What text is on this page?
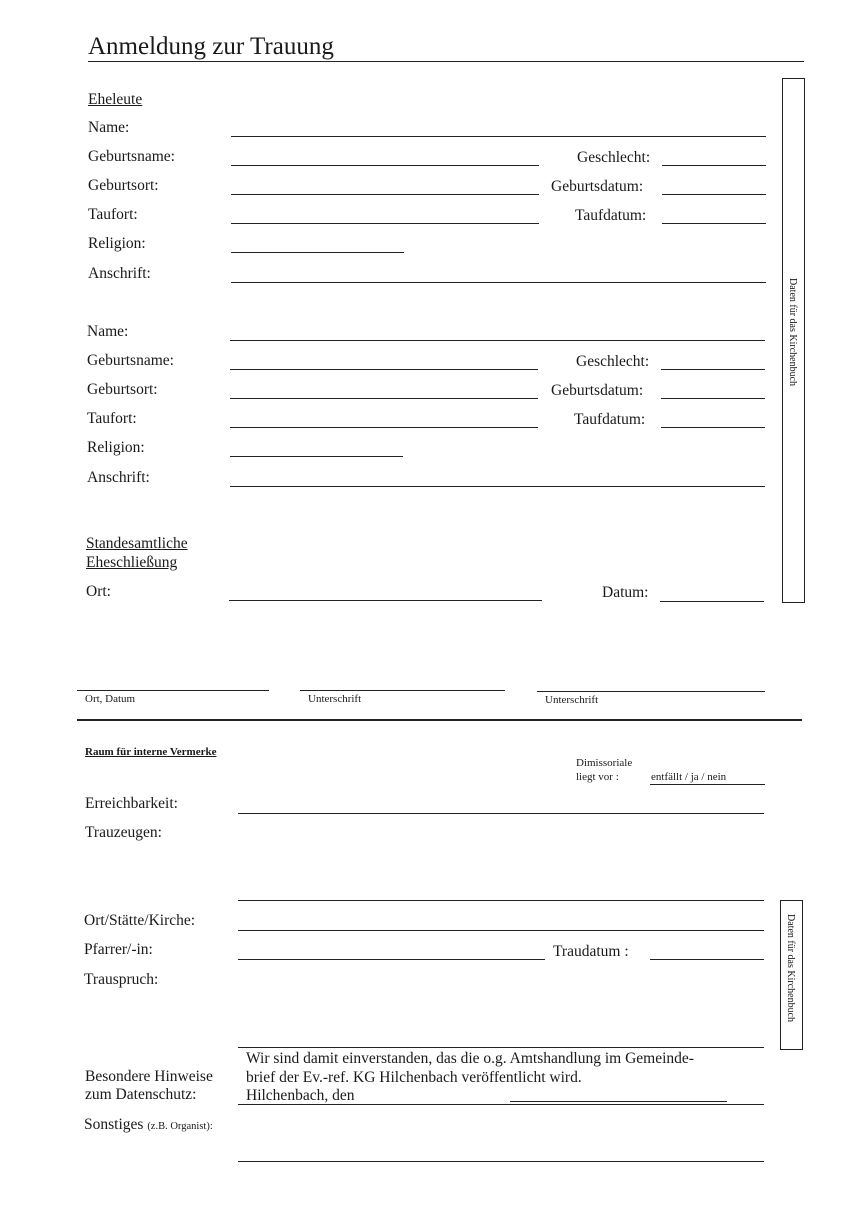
Anmeldung zur Trauung
Daten für das Kirchenbuch
Eheleute
Name:
Geburtsname:	Geschlecht:
Geburtsort:	Geburtsdatum:
Taufort:	Taufdatum:
Religion:
Anschrift:
Name:
Geburtsname:	Geschlecht:
Geburtsort:	Geburtsdatum:
Taufort:	Taufdatum:
Religion:
Anschrift:
Standesamtliche
Eheschließung
Ort:	Datum:
Ort, Datum	Unterschrift	Unterschrift
Raum für interne Vermerke
Dimissoriale
liegt vor :	entfällt / ja / nein
Erreichbarkeit:
Trauzeugen:
Ort/Stätte/Kirche:
Pfarrer/-in:	Traudatum :
Trauspruch:	Daten für das Kirchenbuch
Wir sind damit einverstanden, das die o.g. Amtshandlung im Gemeinde-
brief der Ev.-ref. KG Hilchenbach veröffentlicht wird.
Hilchenbach, den
Besondere Hinweise
zum Datenschutz:
Sonstiges (z.B. Organist):
